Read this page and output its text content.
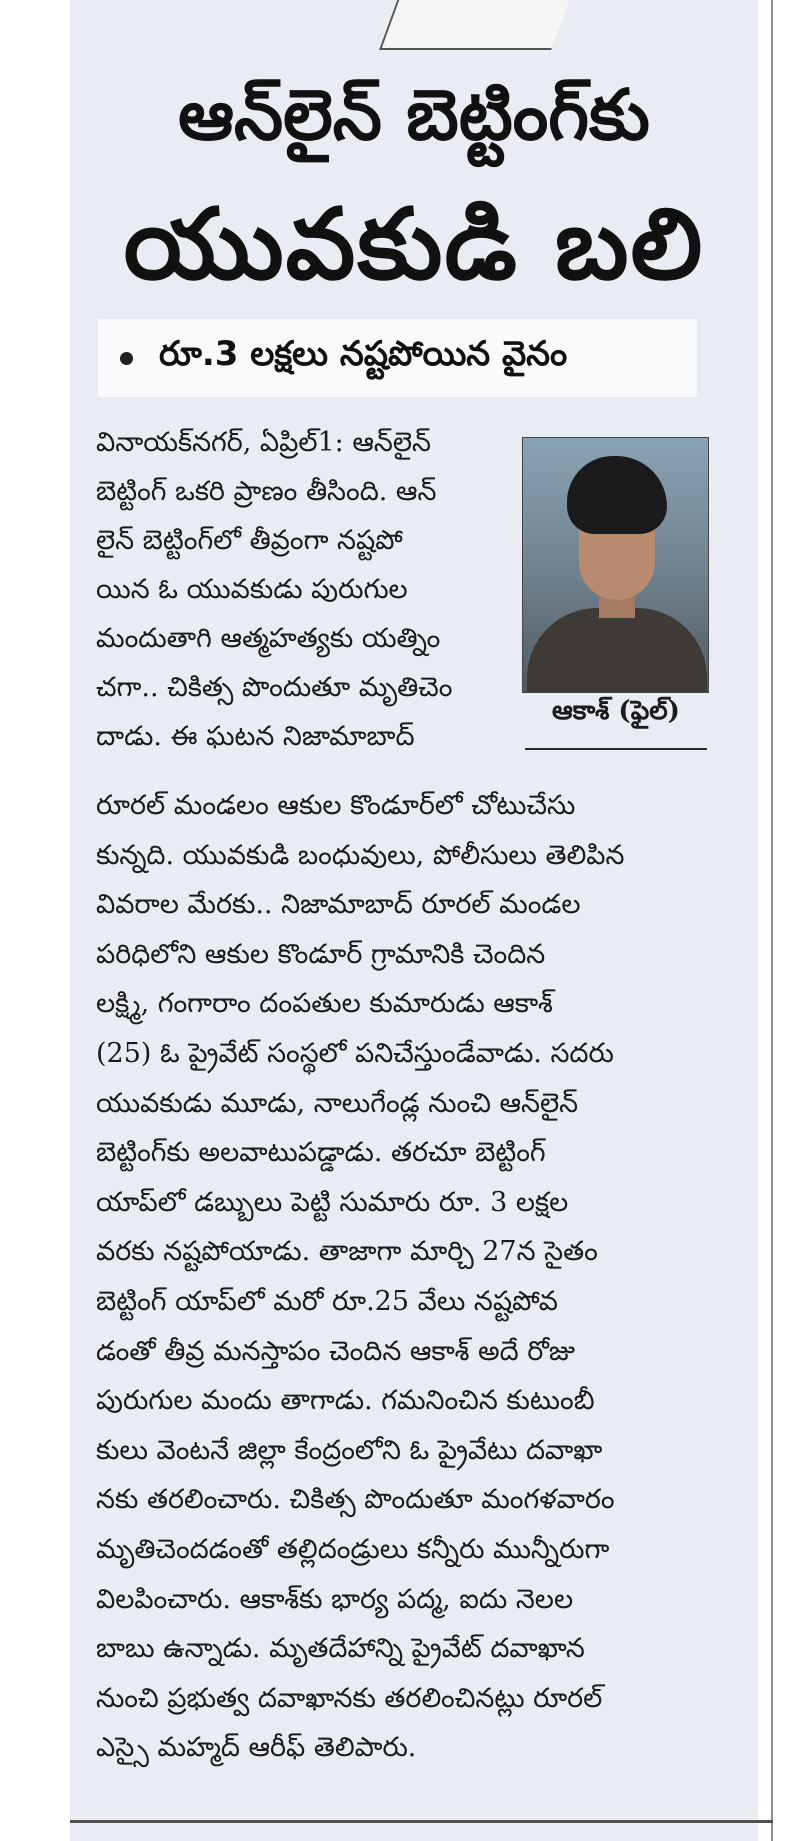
ఆన్‌లైన్ బెట్టింగ్‌కు
యువకుడి బలి
రూ.3 లక్షలు నష్టపోయిన వైనం
వినాయక్‌నగర్, ఏప్రిల్1: ఆన్‌లైన్
బెట్టింగ్ ఒకరి ప్రాణం తీసింది. ఆన్
లైన్ బెట్టింగ్‌లో తీవ్రంగా నష్టపో
యిన ఓ యువకుడు పురుగుల
మందుతాగి ఆత్మహత్యకు యత్నిం
చగా.. చికిత్స పొందుతూ మృతిచెం
దాడు. ఈ ఘటన నిజామాబాద్
ఆకాశ్ (ఫైల్)
రూరల్ మండలం ఆకుల కొండూర్‌లో చోటుచేసు
కున్నది. యువకుడి బంధువులు, పోలీసులు తెలిపిన
వివరాల మేరకు.. నిజామాబాద్ రూరల్ మండల
పరిధిలోని ఆకుల కొండూర్ గ్రామానికి చెందిన
లక్ష్మి, గంగారాం దంపతుల కుమారుడు ఆకాశ్
(25) ఓ ప్రైవేట్ సంస్థలో పనిచేస్తుండేవాడు. సదరు
యువకుడు మూడు, నాలుగేండ్ల నుంచి ఆన్‌లైన్
బెట్టింగ్‌కు అలవాటుపడ్డాడు. తరచూ బెట్టింగ్
యాప్‌లో డబ్బులు పెట్టి సుమారు రూ. 3 లక్షల
వరకు నష్టపోయాడు. తాజాగా మార్చి 27న సైతం
బెట్టింగ్ యాప్‌లో మరో రూ.25 వేలు నష్టపోవ
డంతో తీవ్ర మనస్తాపం చెందిన ఆకాశ్ అదే రోజు
పురుగుల మందు తాగాడు. గమనించిన కుటుంబీ
కులు వెంటనే జిల్లా కేంద్రంలోని ఓ ప్రైవేటు దవాఖా
నకు తరలించారు. చికిత్స పొందుతూ మంగళవారం
మృతిచెందడంతో తల్లిదండ్రులు కన్నీరు మున్నీరుగా
విలపించారు. ఆకాశ్‌కు భార్య పద్మ, ఐదు నెలల
బాబు ఉన్నాడు. మృతదేహాన్ని ప్రైవేట్ దవాఖాన
నుంచి ప్రభుత్వ దవాఖానకు తరలించినట్లు రూరల్
ఎస్సై మహ్మద్ ఆరీఫ్ తెలిపారు.
